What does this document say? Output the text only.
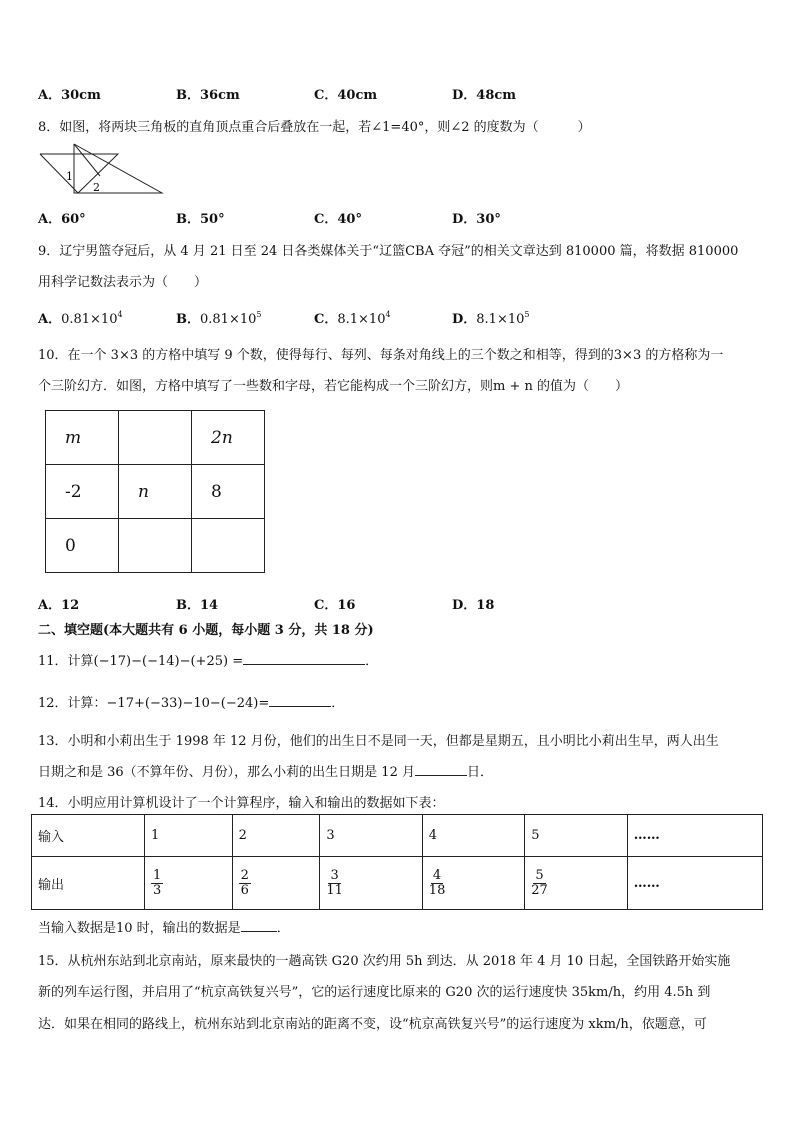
A．30cm	B．36cm	C．40cm	D．48cm
8．如图，将两块三角板的直角顶点重合后叠放在一起，若∠1=40°，则∠2 的度数为（　　　）
1
2
A．60°	B．50°	C．40°	D．30°
9．辽宁男篮夺冠后，从 4 月 21 日至 24 日各类媒体关于“辽篮CBA 夺冠”的相关文章达到 810000 篇，将数据 810000
用科学记数法表示为（　　）
A．$0.81\times 10^4$	B．$0.81\times 10^5$	C．$8.1\times 10^4$	D．$8.1\times 10^5$
10．在一个 3×3 的方格中填写 9 个数，使得每行、每列、每条对角线上的三个数之和相等，得到的3×3 的方格称为一
个三阶幻方．如图，方格中填写了一些数和字母，若它能构成一个三阶幻方，则m + n 的值为（　　）
m		2n
-2	n	8
0		
A．12	B．14	C．16	D．18
二、填空题(本大题共有 6 小题，每小题 3 分，共 18 分)
11．计算(−17)−(−14)−(+25) =	．
12．计算：−17+(−33)−10−(−24)=	．
13．小明和小莉出生于 1998 年 12 月份，他们的出生日不是同一天，但都是星期五，且小明比小莉出生早，两人出生
日期之和是 36（不算年份、月份），那么小莉的出生日期是 12 月	日．
14．小明应用计算机设计了一个计算程序，输入和输出的数据如下表：
输入	1	2	3	4	5	……
输出	$\frac{1}{3}$	$\frac{2}{6}$	$\frac{3}{11}$	$\frac{4}{18}$	$\frac{5}{27}$	……
当输入数据是10 时，输出的数据是	．
15．从杭州东站到北京南站，原来最快的一趟高铁 G20 次约用 5h 到达．从 2018 年 4 月 10 日起，全国铁路开始实施
新的列车运行图，并启用了“杭京高铁复兴号”，它的运行速度比原来的 G20 次的运行速度快 35km/h，约用 4.5h 到
达．如果在相同的路线上，杭州东站到北京南站的距离不变，设“杭京高铁复兴号”的运行速度为 xkm/h，依题意，可
